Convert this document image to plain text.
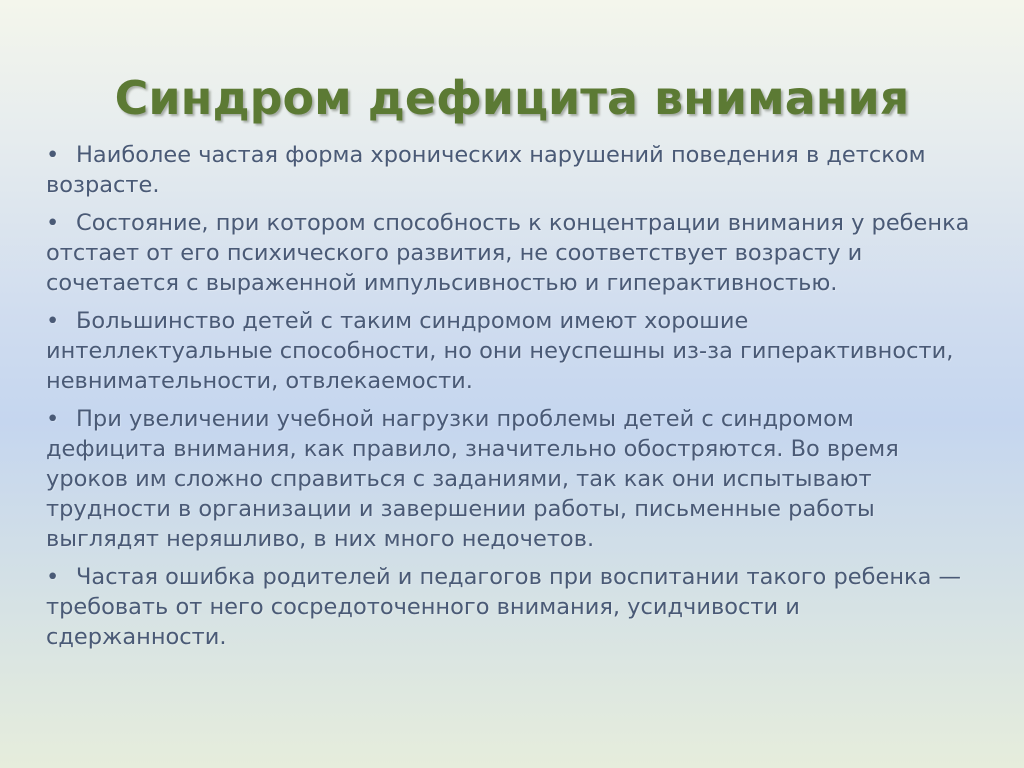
Синдром дефицита внимания
• Наиболее частая форма хронических нарушений поведения в детском возрасте.
• Состояние, при котором способность к концентрации внимания у ребенка отстает от его психического развития, не соответствует возрасту и сочетается с выраженной импульсивностью и гиперактивностью.
• Большинство детей с таким синдромом имеют хорошие интеллектуальные способности, но они неуспешны из-за гиперактивности, невнимательности, отвлекаемости.
• При увеличении учебной нагрузки проблемы детей с синдромом дефицита внимания, как правило, значительно обостряются. Во время уроков им сложно справиться с заданиями, так как они испытывают трудности в организации и завершении работы, письменные работы выглядят неряшливо, в них много недочетов.
• Частая ошибка родителей и педагогов при воспитании такого ребенка — требовать от него сосредоточенного внимания, усидчивости и сдержанности.
